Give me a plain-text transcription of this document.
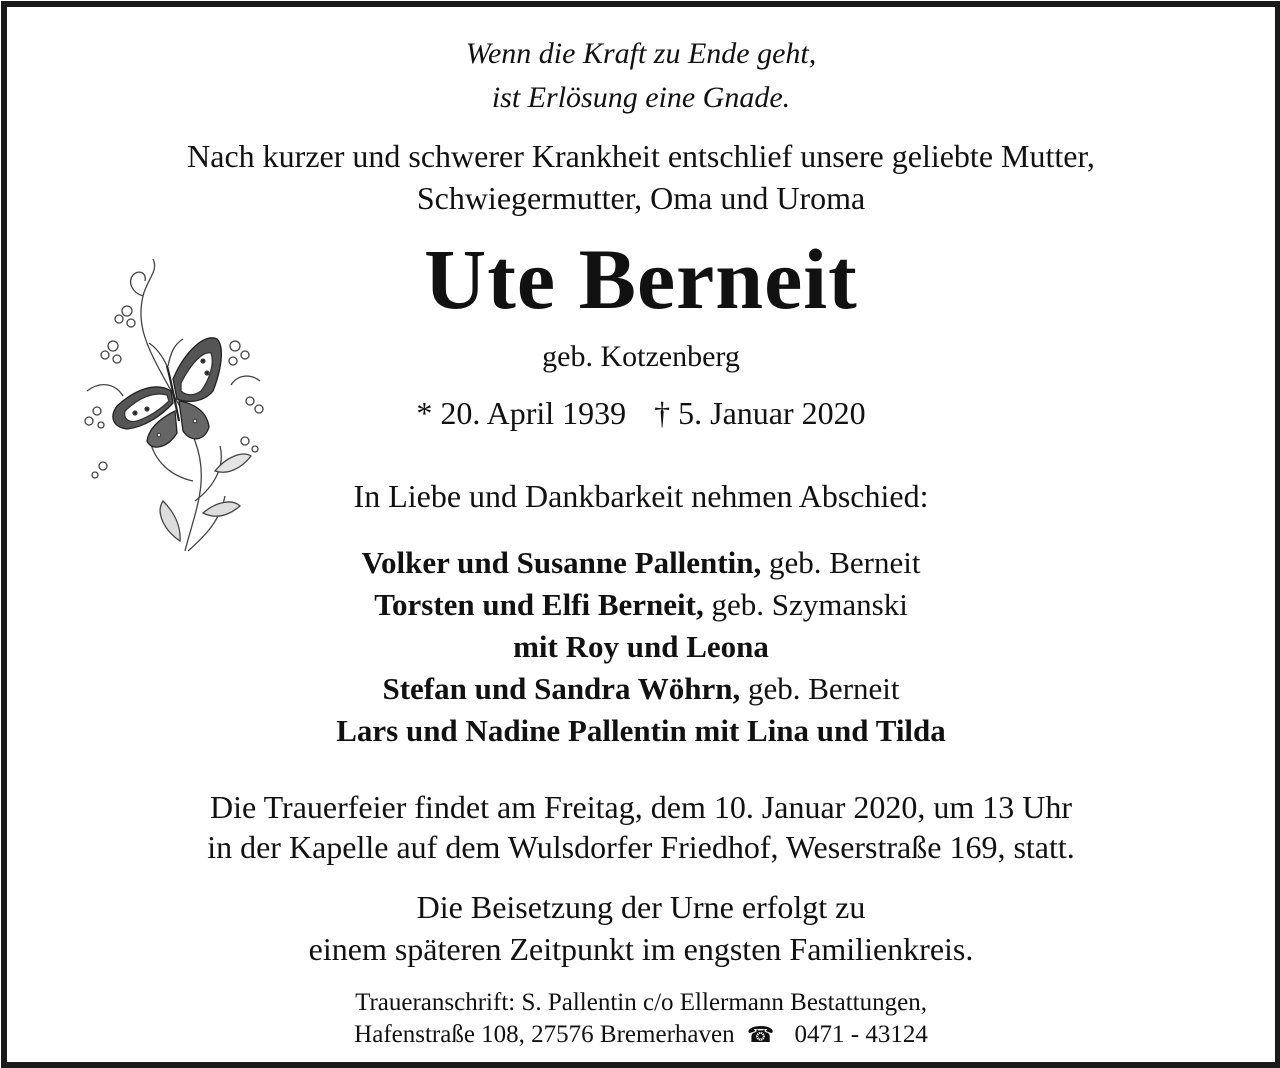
Wenn die Kraft zu Ende geht,
ist Erlösung eine Gnade.
Nach kurzer und schwerer Krankheit entschlief unsere geliebte Mutter,
Schwiegermutter, Oma und Uroma
Ute Berneit
geb. Kotzenberg
* 20. April 1939 † 5. Januar 2020
In Liebe und Dankbarkeit nehmen Abschied:
Volker und Susanne Pallentin, geb. Berneit
Torsten und Elfi Berneit, geb. Szymanski
mit Roy und Leona
Stefan und Sandra Wöhrn, geb. Berneit
Lars und Nadine Pallentin mit Lina und Tilda
Die Trauerfeier findet am Freitag, dem 10. Januar 2020, um 13 Uhr
in der Kapelle auf dem Wulsdorfer Friedhof, Weserstraße 169, statt.
Die Beisetzung der Urne erfolgt zu
einem späteren Zeitpunkt im engsten Familienkreis.
Traueranschrift: S. Pallentin c/o Ellermann Bestattungen,
Hafenstraße 108, 27576 Bremerhaven ☎ 0471 - 43124
